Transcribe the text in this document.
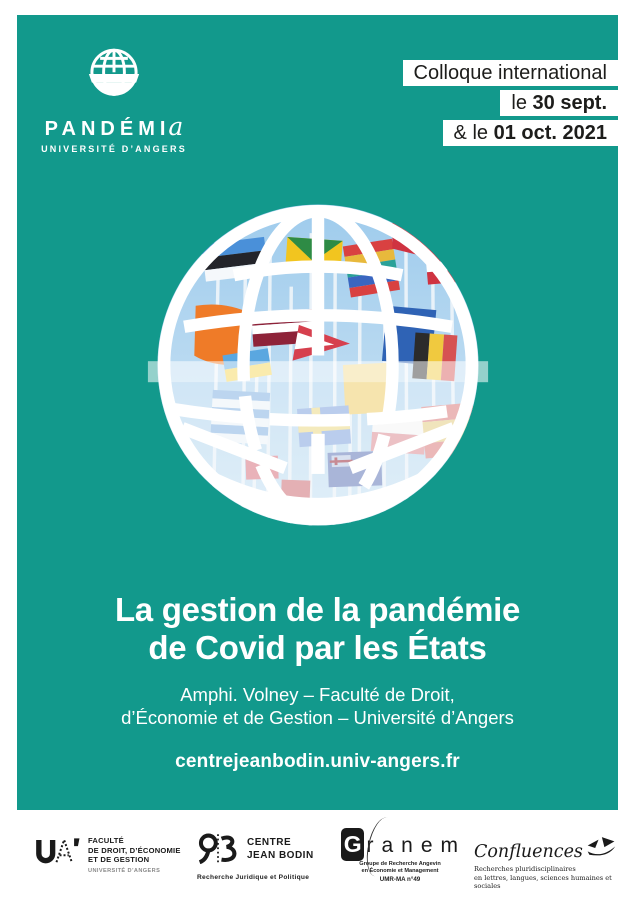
PANDÉMIa
UNIVERSITÉ D’ANGERS
Colloque international
le 30 sept.
& le 01 oct. 2021
La gestion de la pandémie
de Covid par les États
Amphi. Volney – Faculté de Droit,
d’Économie et de Gestion – Université d’Angers
centrejeanbodin.univ-angers.fr
FACULTÉ
DE DROIT, D’ÉCONOMIE
ET DE GESTION
UNIVERSITÉ D’ANGERS
CENTRE
JEAN BODIN
Recherche Juridique et Politique
G ranem
Groupe de Recherche Angevin
en Économie et Management
UMR-MA n°49
Confluences
Recherches pluridisciplinaires
en lettres, langues, sciences humaines et sociales
